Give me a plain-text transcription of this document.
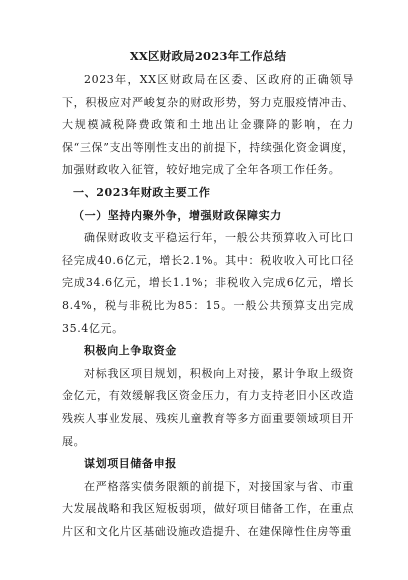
XX区财政局2023年工作总结

2023年，XX区财政局在区委、区政府的正确领导下，积极应对严峻复杂的财政形势，努力克服疫情冲击、大规模减税降费政策和土地出让金骤降的影响，在力保“三保”支出等刚性支出的前提下，持续强化资金调度，加强财政收入征管，较好地完成了全年各项工作任务。

一、2023年财政主要工作
（一）坚持内聚外争，增强财政保障实力

确保财政收支平稳运行年，一般公共预算收入可比口径完成40.6亿元，增长2.1%。其中：税收收入可比口径完成34.6亿元，增长1.1%；非税收入完成6亿元，增长8.4%，税与非税比为85：15。一般公共预算支出完成35.4亿元。

积极向上争取资金

对标我区项目规划，积极向上对接，累计争取上级资金亿元，有效缓解我区资金压力，有力支持老旧小区改造残疾人事业发展、残疾儿童教育等多方面重要领域项目开展。

谋划项目储备申报

在严格落实债务限额的前提下，对接国家与省、市重大发展战略和我区短板弱项，做好项目储备工作，在重点片区和文化片区基础设施改造提升、在建保障性住房等重
